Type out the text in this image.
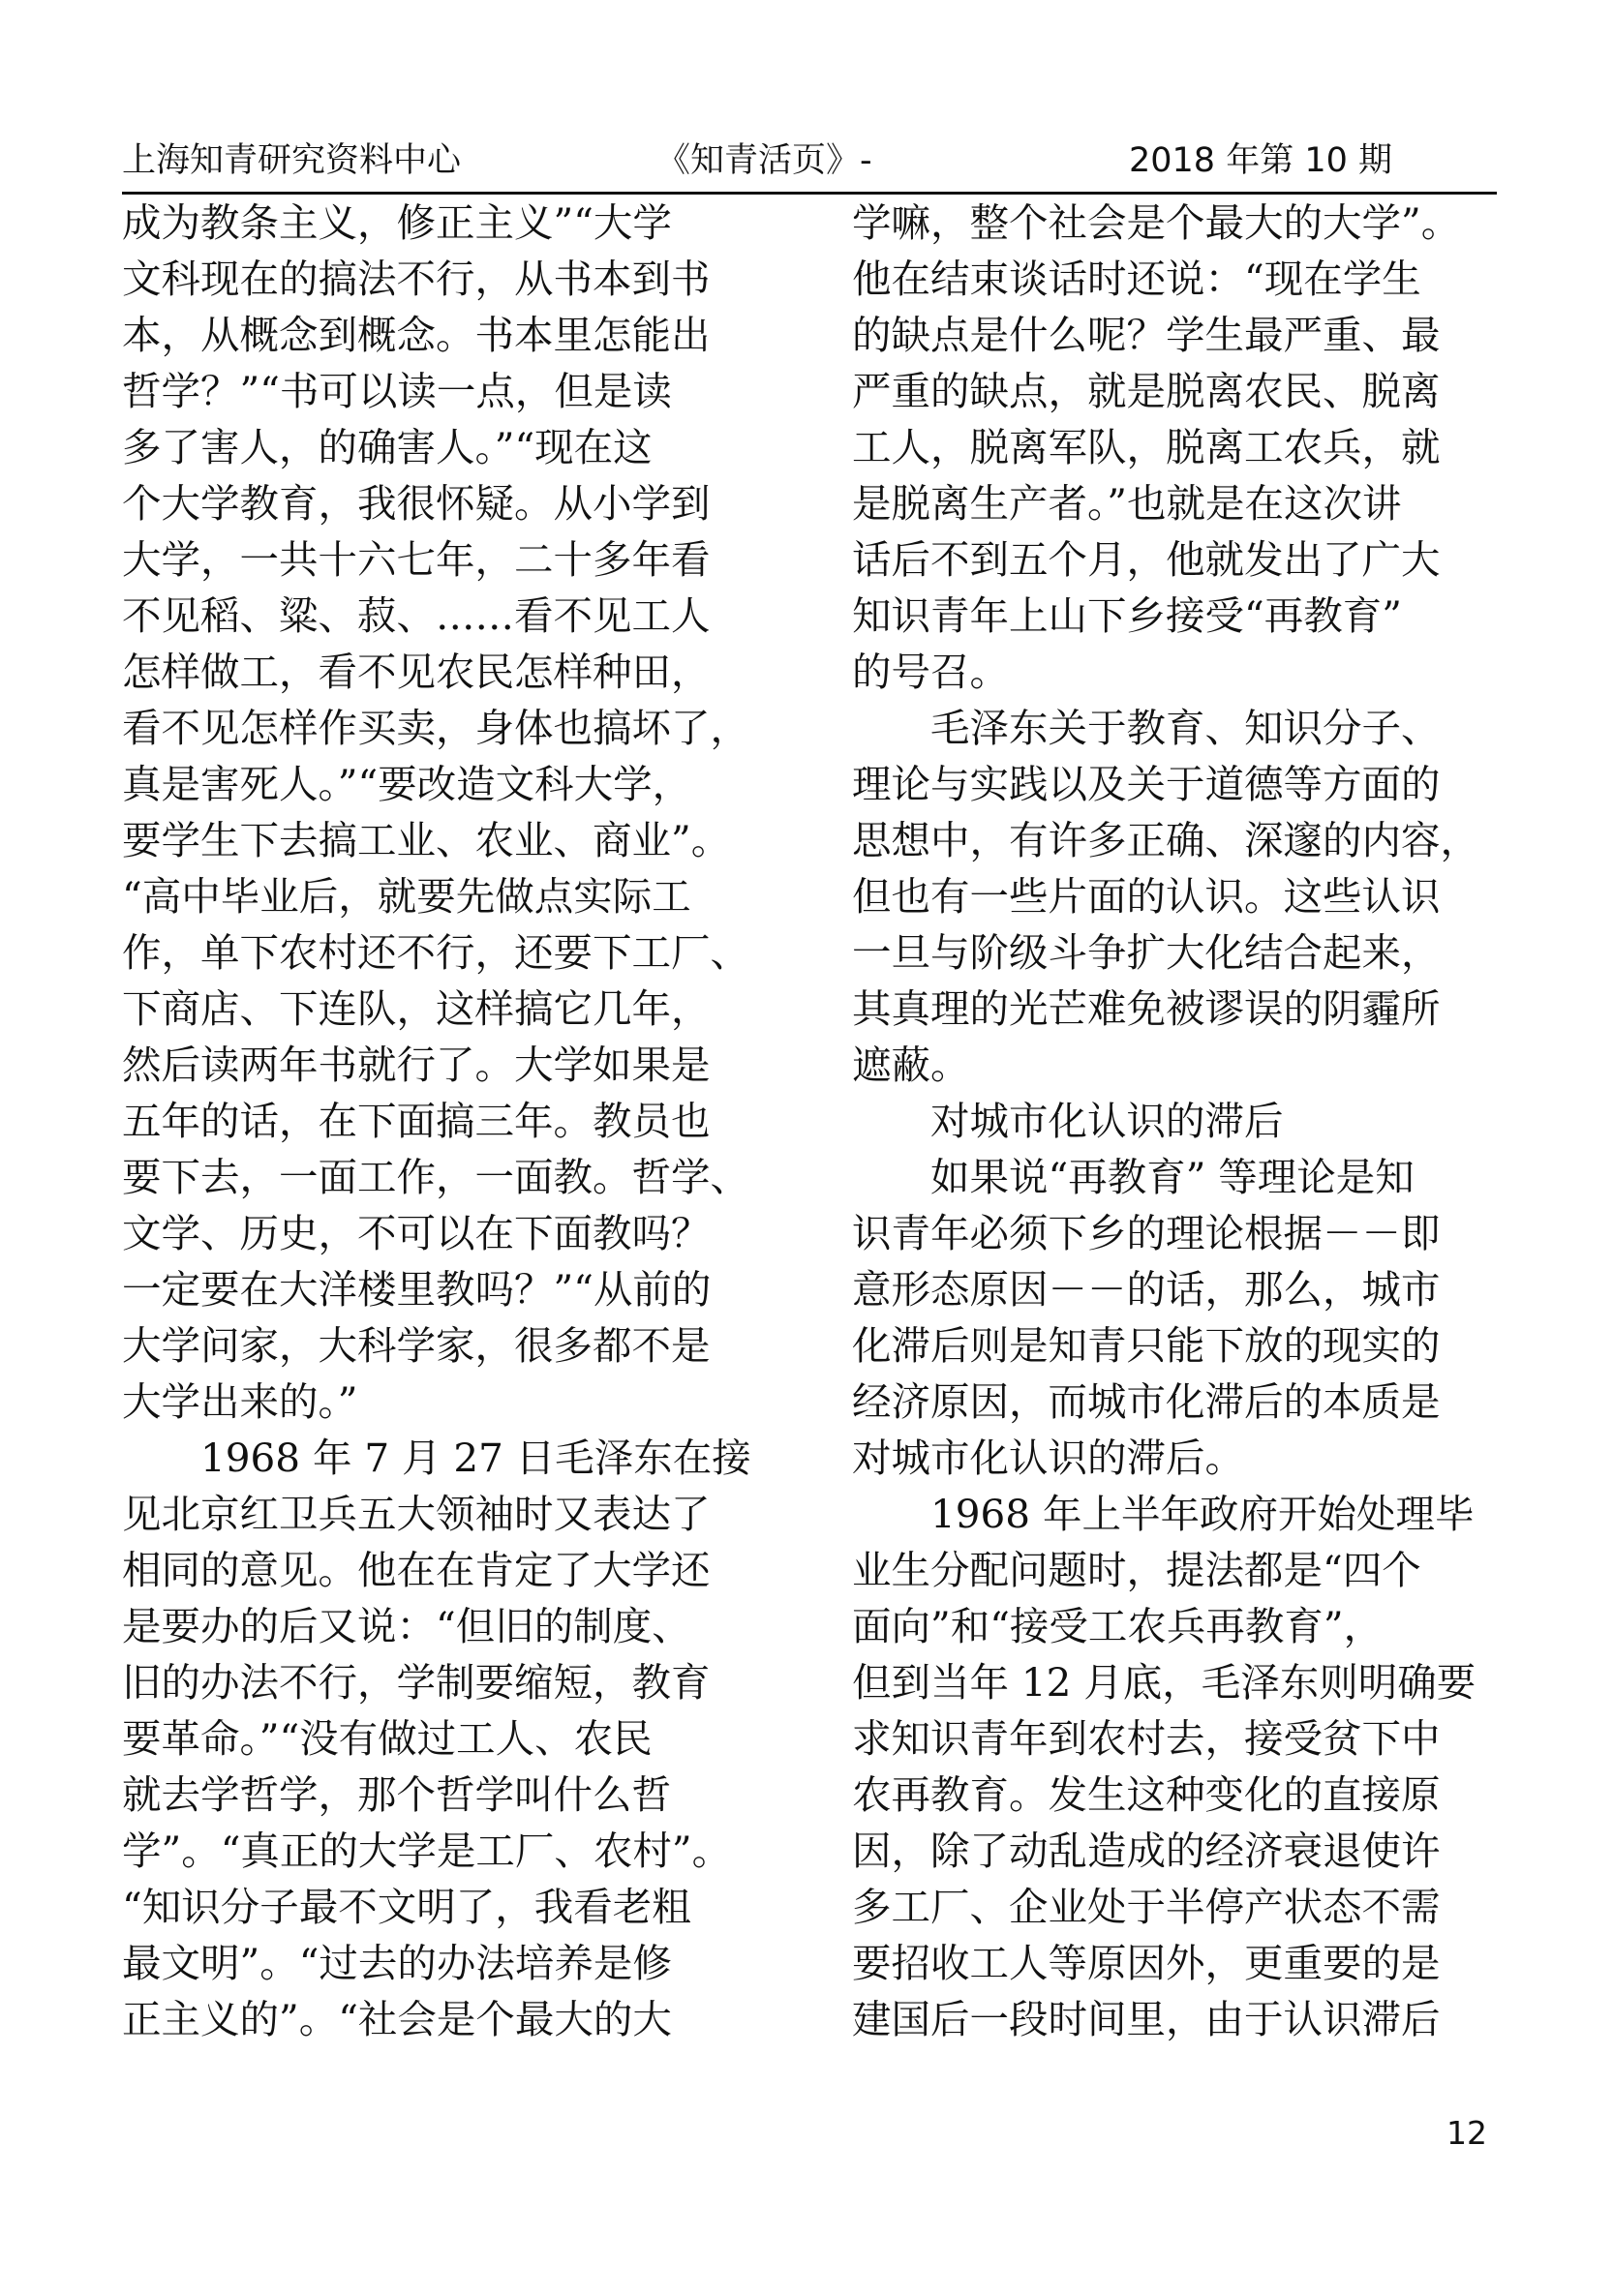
上海知青研究资料中心	《知青活页》-	2018 年第 10 期

成为教条主义，修正主义”“大学

文科现在的搞法不行，从书本到书

本，从概念到概念。书本里怎能出

哲学？”“书可以读一点，但是读

多了害人，的确害人。”“现在这

个大学教育，我很怀疑。从小学到

大学，一共十六七年，二十多年看

不见稻、粱、菽、……看不见工人

怎样做工，看不见农民怎样种田，

看不见怎样作买卖，身体也搞坏了，

真是害死人。”“要改造文科大学，

要学生下去搞工业、农业、商业”。

“高中毕业后，就要先做点实际工

作，单下农村还不行，还要下工厂、

下商店、下连队，这样搞它几年，

然后读两年书就行了。大学如果是

五年的话，在下面搞三年。教员也

要下去，一面工作，一面教。哲学、

文学、历史，不可以在下面教吗？

一定要在大洋楼里教吗？”“从前的

大学问家，大科学家，很多都不是

大学出来的。”

　　1968 年 7 月 27 日毛泽东在接

见北京红卫兵五大领袖时又表达了

相同的意见。他在在肯定了大学还

是要办的后又说：“但旧的制度、

旧的办法不行，学制要缩短，教育

要革命。”“没有做过工人、农民

就去学哲学，那个哲学叫什么哲

学”。“真正的大学是工厂、农村”。

“知识分子最不文明了，我看老粗

最文明”。“过去的办法培养是修

正主义的”。“社会是个最大的大

学嘛，整个社会是个最大的大学”。

他在结束谈话时还说：“现在学生

的缺点是什么呢？学生最严重、最

严重的缺点，就是脱离农民、脱离

工人，脱离军队，脱离工农兵，就

是脱离生产者。”也就是在这次讲

话后不到五个月，他就发出了广大

知识青年上山下乡接受“再教育”

的号召。

　　毛泽东关于教育、知识分子、

理论与实践以及关于道德等方面的

思想中，有许多正确、深邃的内容，

但也有一些片面的认识。这些认识

一旦与阶级斗争扩大化结合起来，

其真理的光芒难免被谬误的阴霾所

遮蔽。

　　对城市化认识的滞后

　　如果说“再教育” 等理论是知

识青年必须下乡的理论根据－－即

意形态原因－－的话，那么，城市

化滞后则是知青只能下放的现实的

经济原因，而城市化滞后的本质是

对城市化认识的滞后。

　　1968 年上半年政府开始处理毕

业生分配问题时，提法都是“四个

面向”和“接受工农兵再教育”，

但到当年 12 月底，毛泽东则明确要

求知识青年到农村去，接受贫下中

农再教育。发生这种变化的直接原

因，除了动乱造成的经济衰退使许

多工厂、企业处于半停产状态不需

要招收工人等原因外，更重要的是

建国后一段时间里，由于认识滞后

12
